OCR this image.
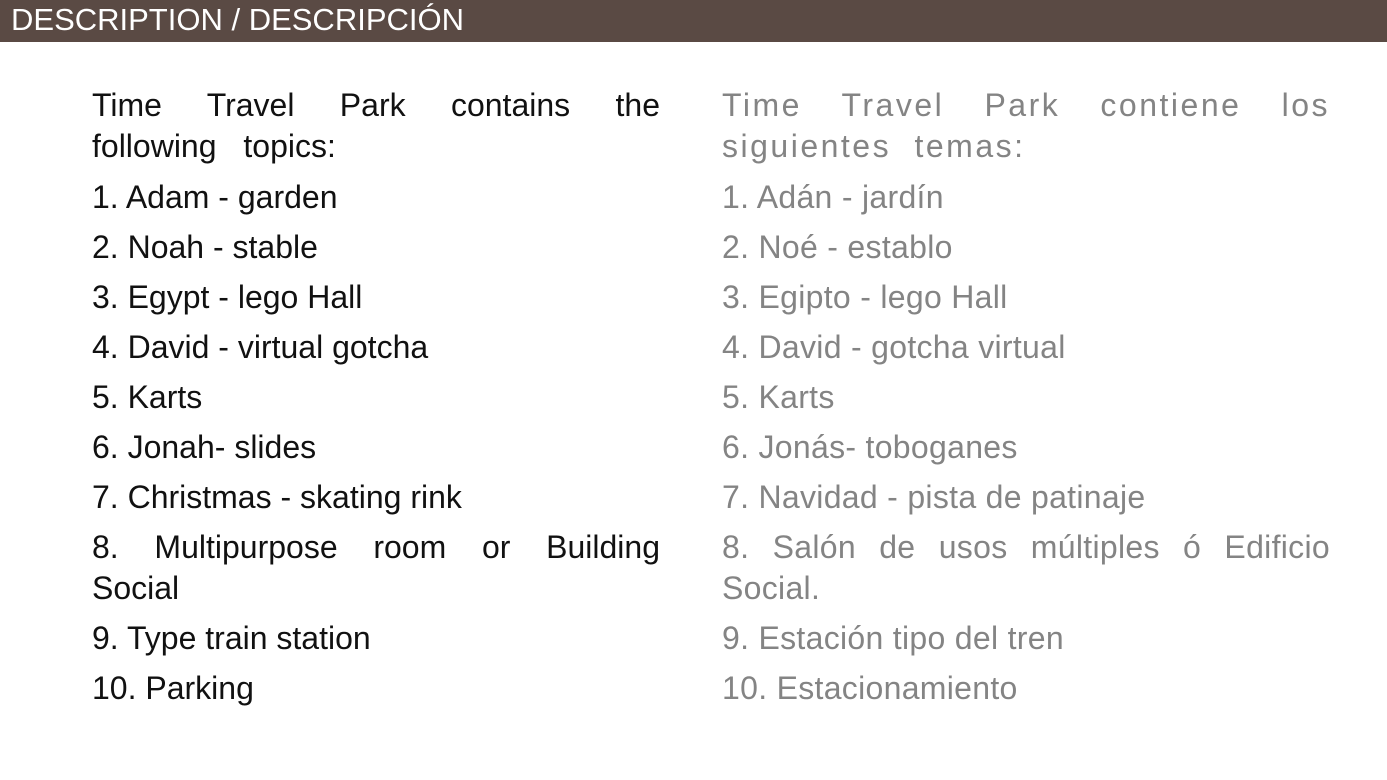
DESCRIPTION / DESCRIPCIÓN

Time Travel Park contains the following topics:

1. Adam - garden

2. Noah - stable

3. Egypt - lego Hall

4. David - virtual gotcha

5. Karts

6. Jonah- slides

7. Christmas - skating rink

8. Multipurpose room or Building Social

9. Type train station

10. Parking

Time Travel Park contiene los siguientes temas:

1. Adán - jardín

2. Noé - establo

3. Egipto - lego Hall

4. David - gotcha virtual

5. Karts

6. Jonás- toboganes

7. Navidad - pista de patinaje

8. Salón de usos múltiples ó Edificio Social.

9. Estación tipo del tren

10. Estacionamiento
